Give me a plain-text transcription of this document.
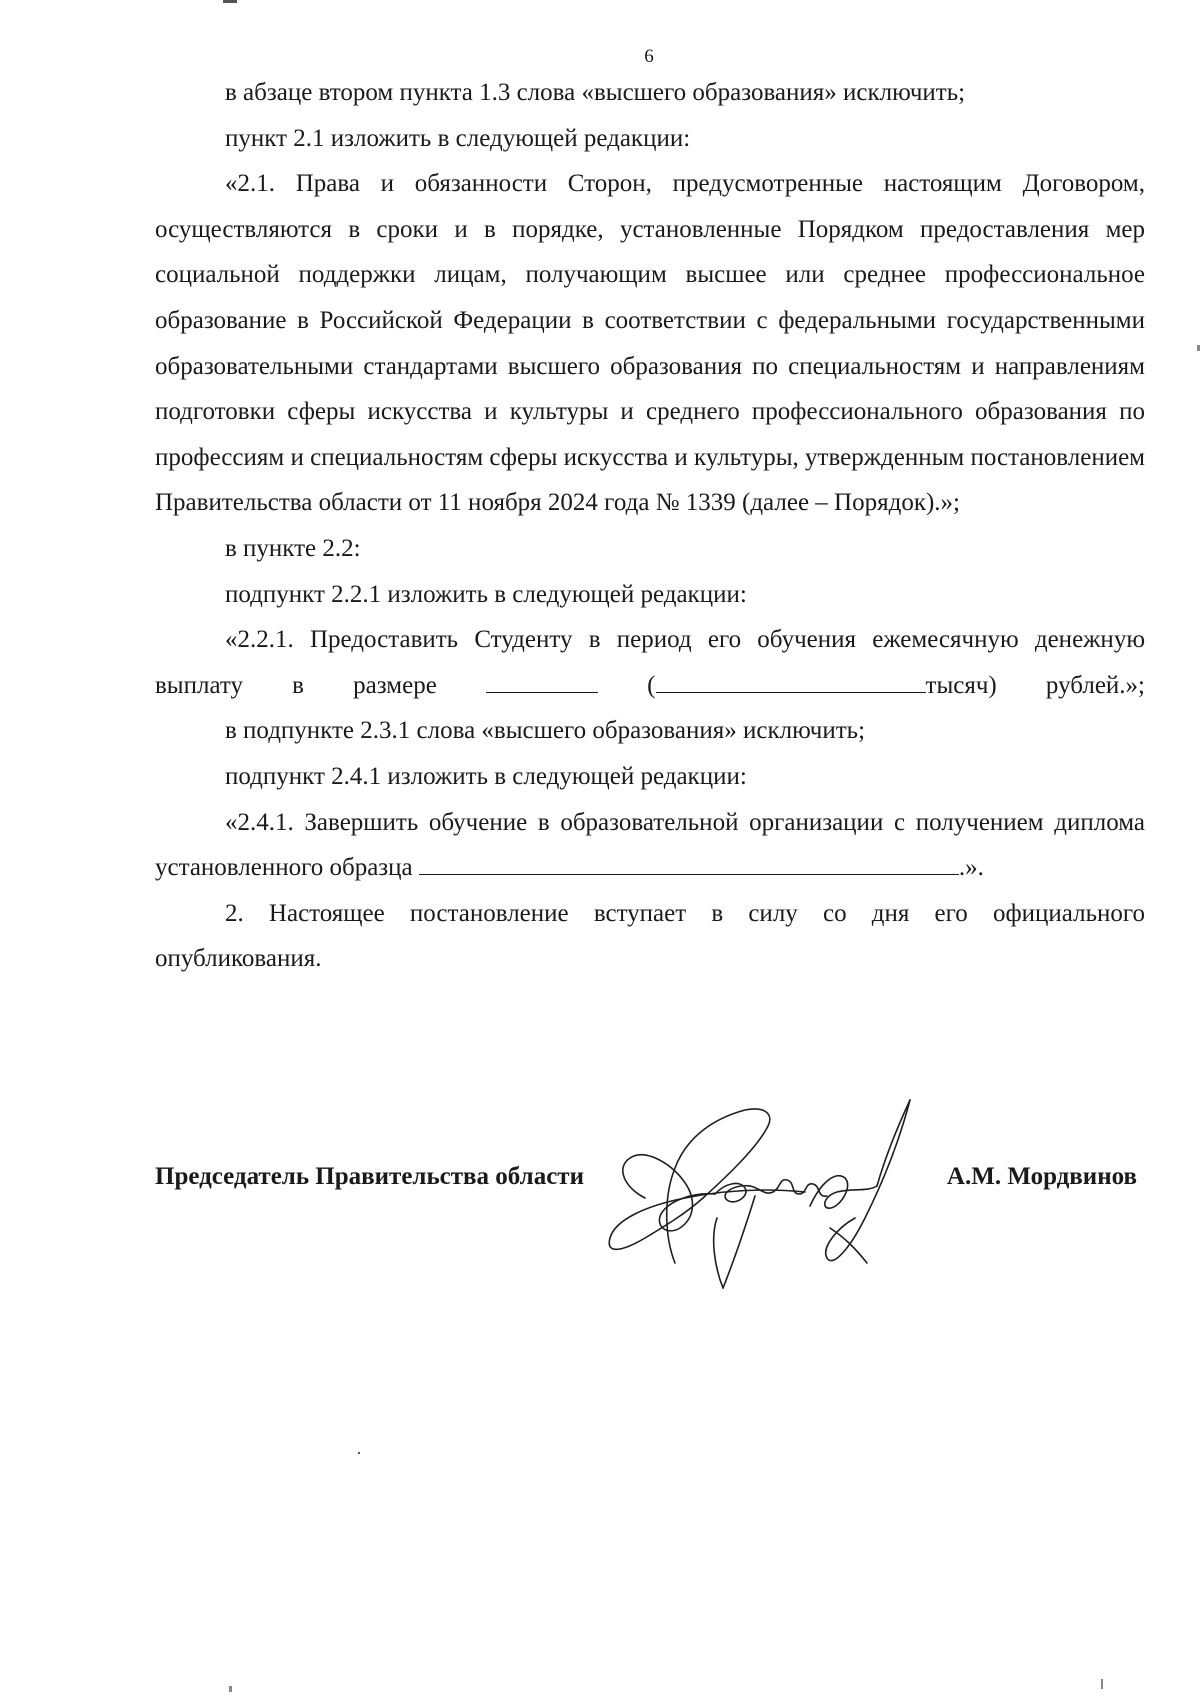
6

в абзаце втором пункта 1.3 слова «высшего образования» исключить;

пункт 2.1 изложить в следующей редакции:

«2.1. Права и обязанности Сторон, предусмотренные настоящим Договором, осуществляются в сроки и в порядке, установленные Порядком предоставления мер социальной поддержки лицам, получающим высшее или среднее профессиональное образование в Российской Федерации в соответствии с федеральными государственными образовательными стандартами высшего образования по специальностям и направлениям подготовки сферы искусства и культуры и среднего профессионального образования по профессиям и специальностям сферы искусства и культуры, утвержденным постановлением Правительства области от 11 ноября 2024 года № 1339 (далее – Порядок).»;

в пункте 2.2:

подпункт 2.2.1 изложить в следующей редакции:

«2.2.1. Предоставить Студенту в период его обучения ежемесячную денежную выплату в размере	(	тысяч) рублей.»;

в подпункте 2.3.1 слова «высшего образования» исключить;

подпункт 2.4.1 изложить в следующей редакции:

«2.4.1. Завершить обучение в образовательной организации с получением диплома установленного образца	.».

2. Настоящее постановление вступает в силу со дня его официального опубликования.

Председатель Правительства области	А.М. Мордвинов
